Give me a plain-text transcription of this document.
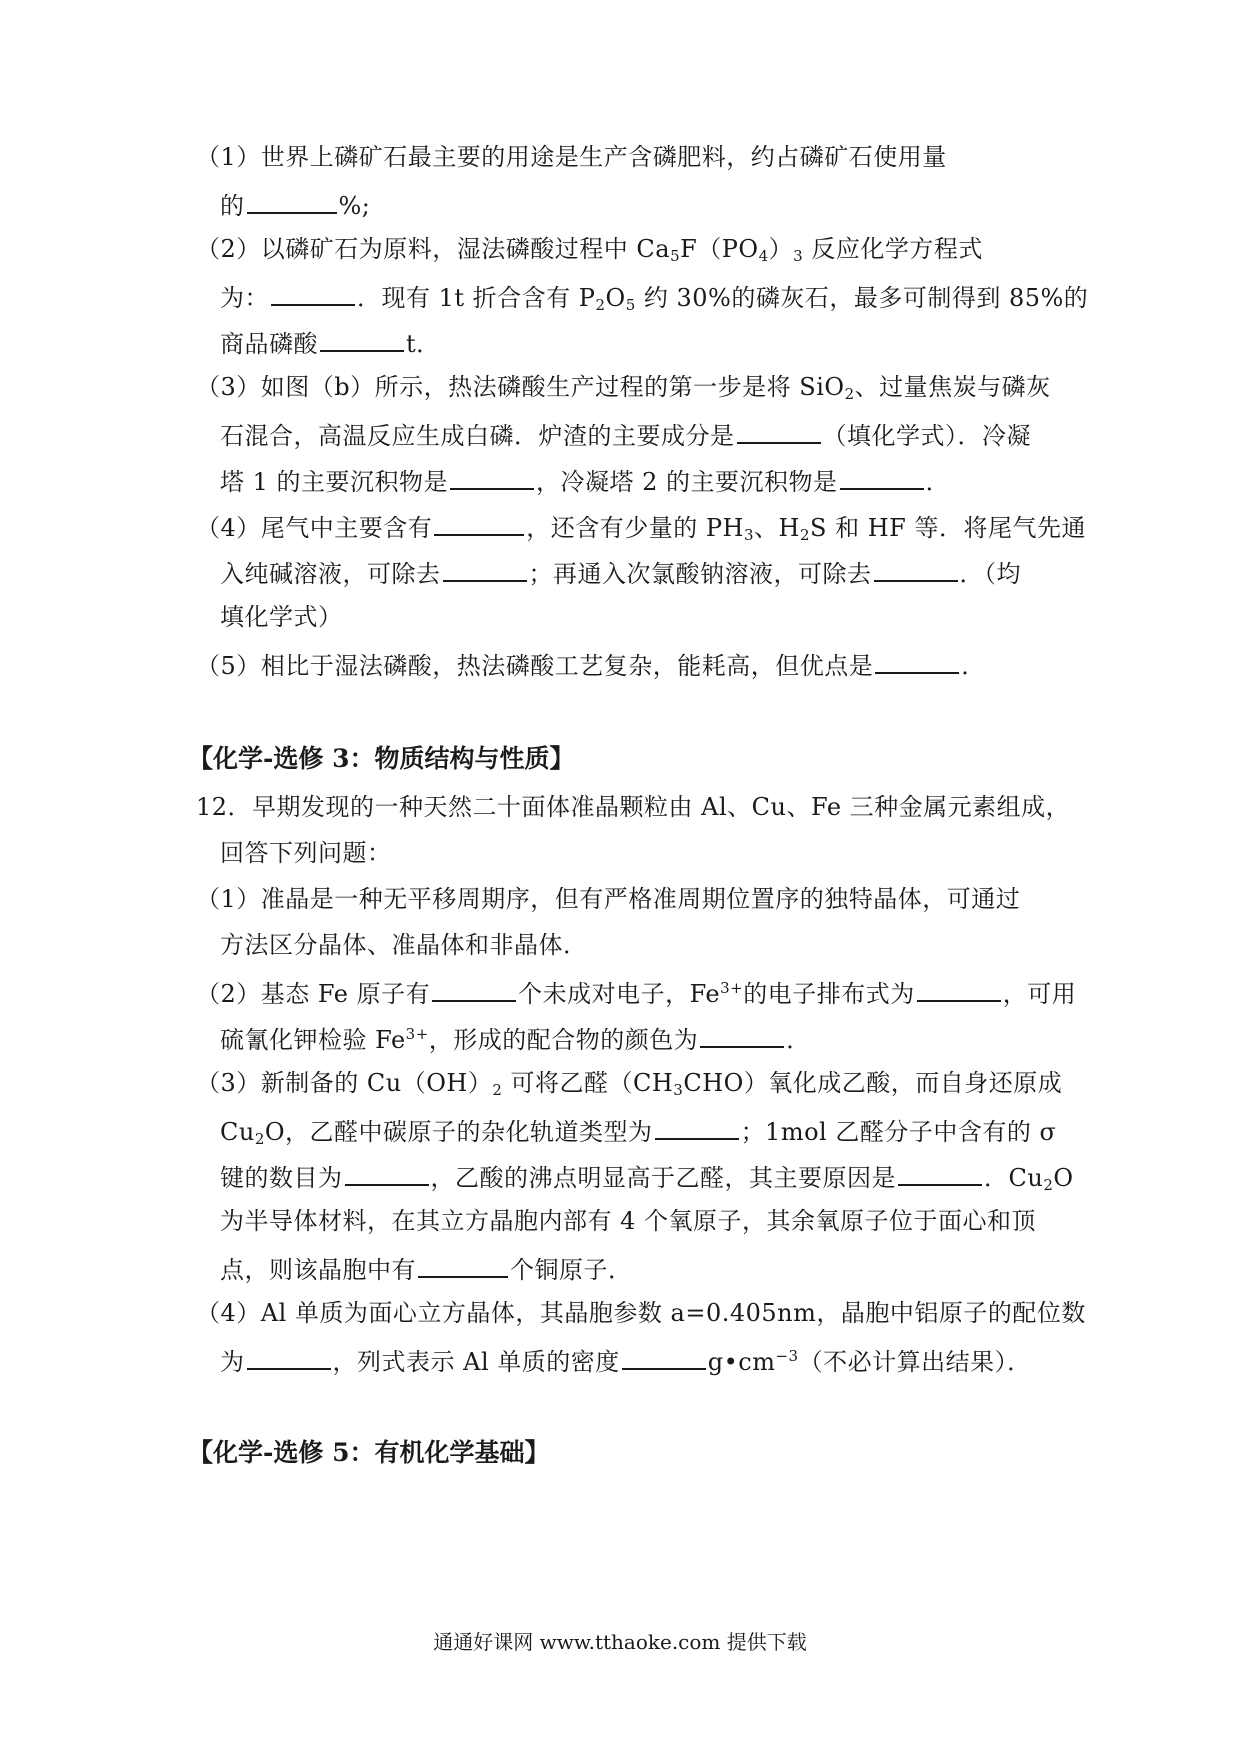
（1）世界上磷矿石最主要的用途是生产含磷肥料，约占磷矿石使用量
的	%;
（2）以磷矿石为原料，湿法磷酸过程中 $Ca_5F(PO_4)_3$ 反应化学方程式
为：	．现有 1t 折合含有 $P_2O_5$ 约 30%的磷灰石，最多可制得到 85%的
商品磷酸	t．
（3）如图（b）所示，热法磷酸生产过程的第一步是将 SiO$_2$、过量焦炭与磷灰
石混合，高温反应生成白磷．炉渣的主要成分是	（填化学式）．冷凝
塔 1 的主要沉积物是	，冷凝塔 2 的主要沉积物是	．
（4）尾气中主要含有	，还含有少量的 $PH_3$、$H_2S$ 和 HF 等．将尾气先通
入纯碱溶液，可除去	；再通入次氯酸钠溶液，可除去	．（均
填化学式）
（5）相比于湿法磷酸，热法磷酸工艺复杂，能耗高，但优点是	．
【化学-选修 3：物质结构与性质】
12．早期发现的一种天然二十面体准晶颗粒由 Al、Cu、Fe 三种金属元素组成，
回答下列问题：
（1）准晶是一种无平移周期序，但有严格准周期位置序的独特晶体，可通过
方法区分晶体、准晶体和非晶体．
（2）基态 Fe 原子有	个未成对电子，$Fe^{3+}$的电子排布式为	，可用
硫氰化钾检验 $Fe^{3+}$，形成的配合物的颜色为	．
（3）新制备的 $Cu(OH)_2$ 可将乙醛$(CH_3CHO)$氧化成乙酸，而自身还原成
$Cu_2O$，乙醛中碳原子的杂化轨道类型为	；1mol 乙醛分子中含有的 σ
键的数目为	，乙酸的沸点明显高于乙醛，其主要原因是	．$Cu_2O$
为半导体材料，在其立方晶胞内部有 4 个氧原子，其余氧原子位于面心和顶
点，则该晶胞中有	个铜原子．
（4）Al 单质为面心立方晶体，其晶胞参数 a=0.405nm，晶胞中铝原子的配位数
为	，列式表示 Al 单质的密度	$g•cm^{-3}$（不必计算出结果）．
【化学-选修 5：有机化学基础】
通通好课网 www.tthaoke.com 提供下载
